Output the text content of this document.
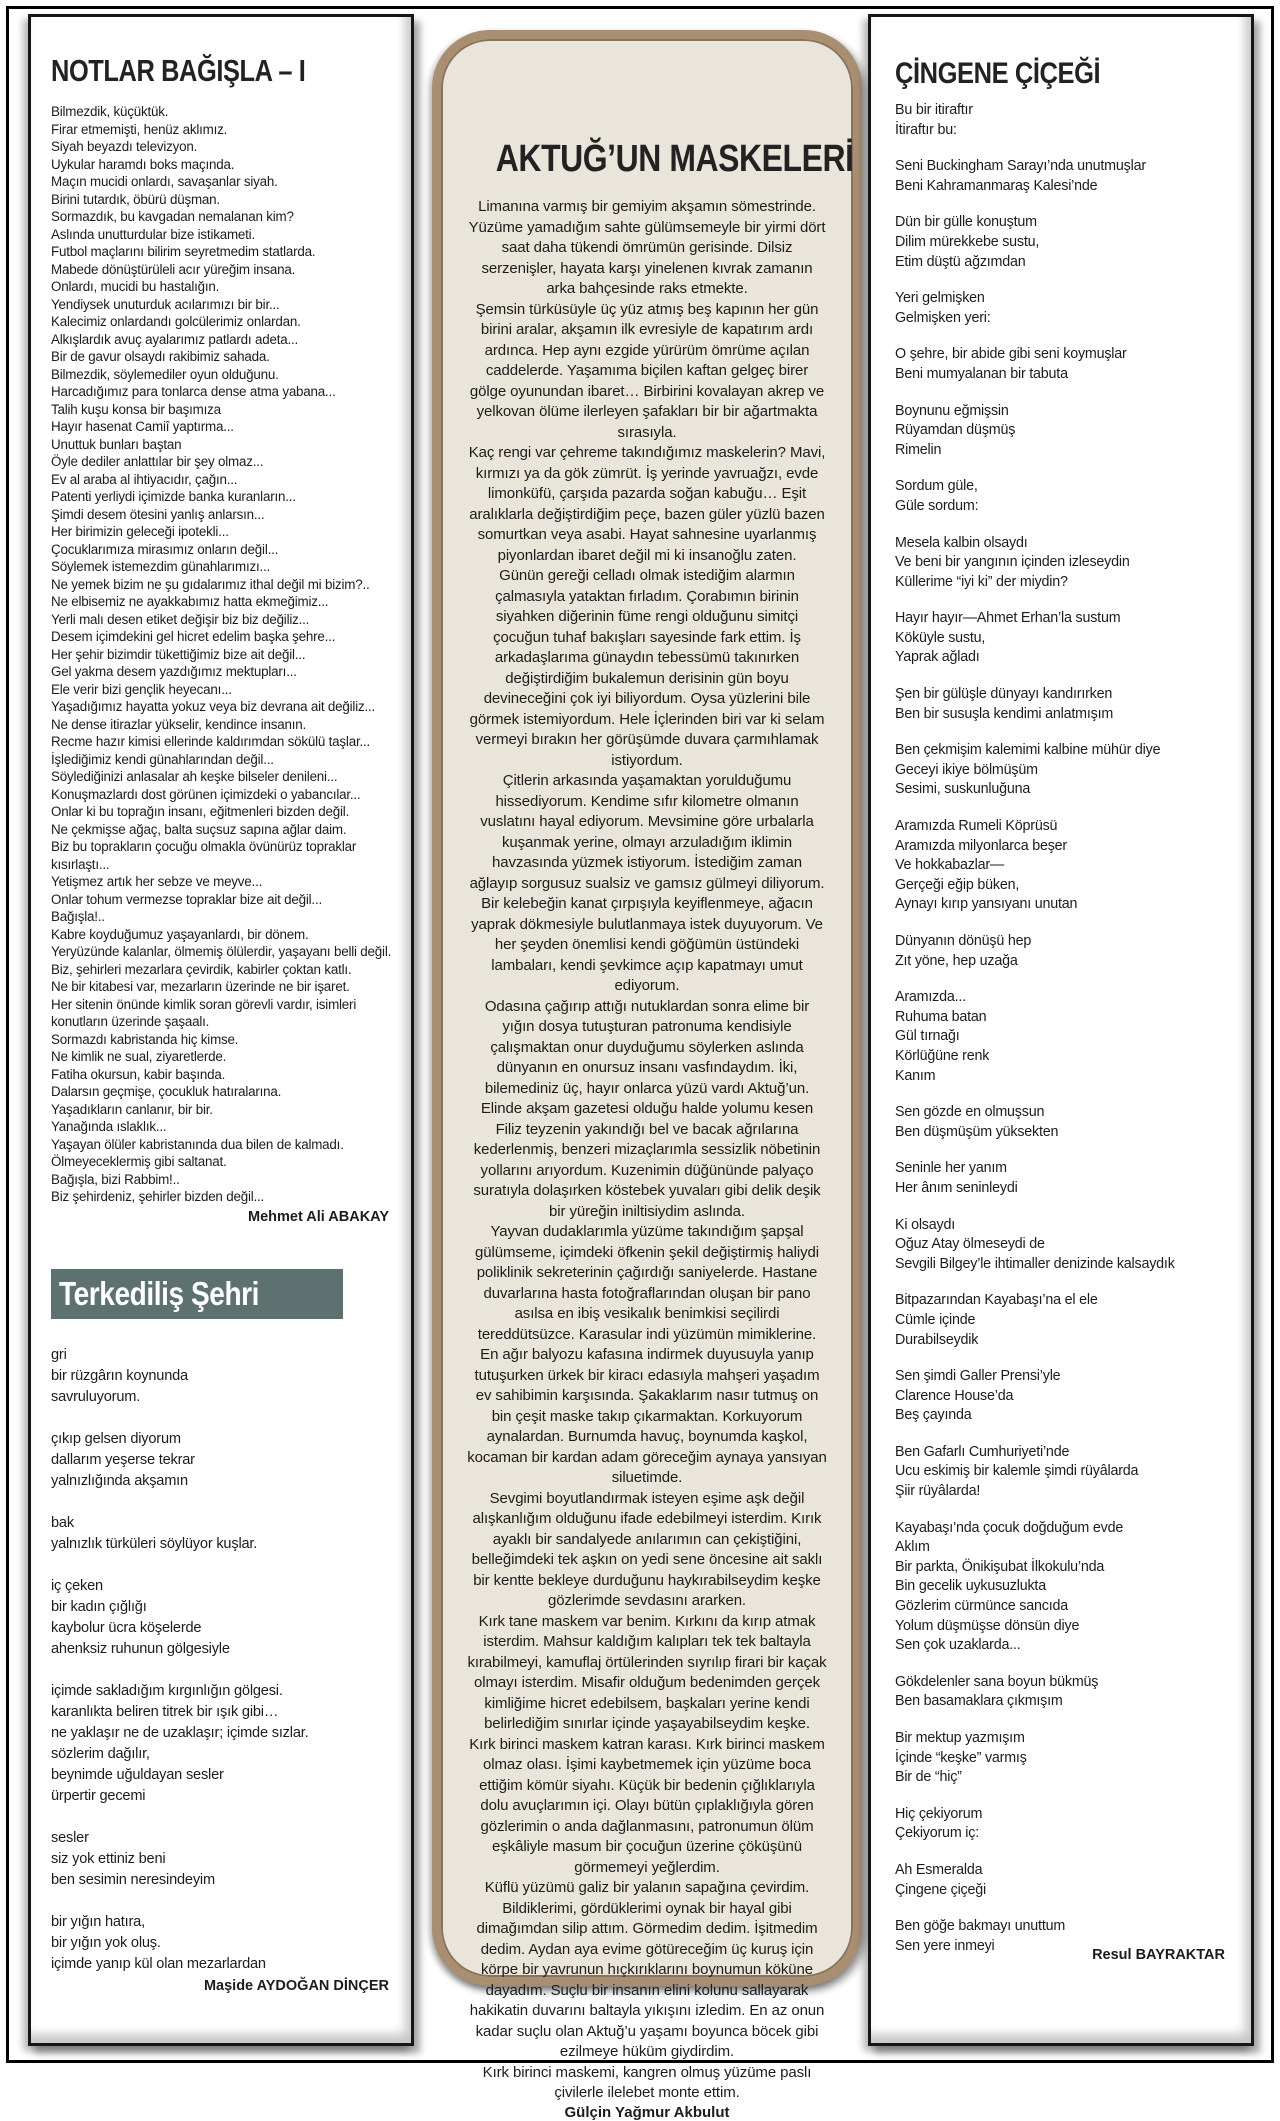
NOTLAR BAĞIŞLA – I
Bilmezdik, küçüktük.
Firar etmemişti, henüz aklımız.
Siyah beyazdı televizyon.
Uykular haramdı boks maçında.
Maçın mucidi onlardı, savaşanlar siyah.
Birini tutardık, öbürü düşman.
Sormazdık, bu kavgadan nemalanan kim?
Aslında unutturdular bize istikameti.
Futbol maçlarını bilirim seyretmedim statlarda.
Mabede dönüştürüleli acır yüreğim insana.
Onlardı, mucidi bu hastalığın.
Yendiysek unuturduk acılarımızı bir bir...
Kalecimiz onlardandı golcülerimiz onlardan.
Alkışlardık avuç ayalarımız patlardı adeta...
Bir de gavur olsaydı rakibimiz sahada.
Bilmezdik, söylemediler oyun olduğunu.
Harcadığımız para tonlarca dense atma yabana...
Talih kuşu konsa bir başımıza
Hayır hasenat Camiî yaptırma...
Unuttuk bunları baştan
Öyle dediler anlattılar bir şey olmaz...
Ev al araba al ihtiyacıdır, çağın...
Patenti yerliydi içimizde banka kuranların...
Şimdi desem ötesini yanlış anlarsın...
Her birimizin geleceği ipotekli...
Çocuklarımıza mirasımız onların değil...
Söylemek istemezdim günahlarımızı...
Ne yemek bizim ne şu gıdalarımız ithal değil mi bizim?..
Ne elbisemiz ne ayakkabımız hatta ekmeğimiz...
Yerli malı desen etiket değişir biz biz değiliz...
Desem içimdekini gel hicret edelim başka şehre...
Her şehir bizimdir tükettiğimiz bize ait değil...
Gel yakma desem yazdığımız mektupları...
Ele verir bizi gençlik heyecanı...
Yaşadığımız hayatta yokuz veya biz devrana ait değiliz...
Ne dense itirazlar yükselir, kendince insanın.
Recme hazır kimisi ellerinde kaldırımdan sökülü taşlar...
İşlediğimiz kendi günahlarından değil...
Söylediğinizi anlasalar ah keşke bilseler denileni...
Konuşmazlardı dost görünen içimizdeki o yabancılar...
Onlar ki bu toprağın insanı, eğitmenleri bizden değil.
Ne çekmişse ağaç, balta suçsuz sapına ağlar daim.
Biz bu toprakların çocuğu olmakla övünürüz topraklar kısırlaştı...
Yetişmez artık her sebze ve meyve...
Onlar tohum vermezse topraklar bize ait değil...
Bağışla!..
Kabre koyduğumuz yaşayanlardı, bir dönem.
Yeryüzünde kalanlar, ölmemiş ölülerdir, yaşayanı belli değil.
Biz, şehirleri mezarlara çevirdik, kabirler çoktan katlı.
Ne bir kitabesi var, mezarların üzerinde ne bir işaret.
Her sitenin önünde kimlik soran görevli vardır, isimleri konutların üzerinde şaşaalı.
Sormazdı kabristanda hiç kimse.
Ne kimlik ne sual, ziyaretlerde.
Fatiha okursun, kabir başında.
Dalarsın geçmişe, çocukluk hatıralarına.
Yaşadıkların canlanır, bir bir.
Yanağında ıslaklık...
Yaşayan ölüler kabristanında dua bilen de kalmadı.
Ölmeyeceklermiş gibi saltanat.
Bağışla, bizi Rabbim!..
Biz şehirdeniz, şehirler bizden değil...
Mehmet Ali ABAKAY
Terkediliş Şehri
gri
bir rüzgârın koynunda
savruluyorum.
çıkıp gelsen diyorum
dallarım yeşerse tekrar
yalnızlığında akşamın
bak
yalnızlık türküleri söylüyor kuşlar.
iç çeken
bir kadın çığlığı
kaybolur ücra köşelerde
ahenksiz ruhunun gölgesiyle
içimde sakladığım kırgınlığın gölgesi.
karanlıkta beliren titrek bir ışık gibi…
ne yaklaşır ne de uzaklaşır; içimde sızlar.
sözlerim dağılır,
beynimde uğuldayan sesler
ürpertir gecemi
sesler
siz yok ettiniz beni
ben sesimin neresindeyim
bir yığın hatıra,
bir yığın yok oluş.
içimde yanıp kül olan mezarlardan
Maşide AYDOĞAN DİNÇER
AKTUĞ’UN MASKELERİ

Limanına varmış bir gemiyim akşamın sömestrinde. Yüzüme yamadığım sahte gülümsemeyle bir yirmi dört saat daha tükendi ömrümün gerisinde. Dilsiz serzenişler, hayata karşı yinelenen kıvrak zamanın arka bahçesinde raks etmekte.

Şemsin türküsüyle üç yüz atmış beş kapının her gün birini aralar, akşamın ilk evresiyle de kapatırım ardı ardınca. Hep aynı ezgide yürürüm ömrüme açılan caddelerde. Yaşamıma biçilen kaftan gelgeç birer gölge oyunundan ibaret… Birbirini kovalayan akrep ve yelkovan ölüme ilerleyen şafakları bir bir ağartmakta sırasıyla.

Kaç rengi var çehreme takındığımız maskelerin? Mavi, kırmızı ya da gök zümrüt. İş yerinde yavruağzı, evde limonküfü, çarşıda pazarda soğan kabuğu… Eşit aralıklarla değiştirdiğim peçe, bazen güler yüzlü bazen somurtkan veya asabi. Hayat sahnesine uyarlanmış piyonlardan ibaret değil mi ki insanoğlu zaten.

Günün gereği celladı olmak istediğim alarmın çalmasıyla yataktan fırladım. Çorabımın birinin siyahken diğerinin füme rengi olduğunu simitçi çocuğun tuhaf bakışları sayesinde fark ettim. İş arkadaşlarıma günaydın tebessümü takınırken değiştirdiğim bukalemun derisinin gün boyu devineceğini çok iyi biliyordum. Oysa yüzlerini bile görmek istemiyordum. Hele İçlerinden biri var ki selam vermeyi bırakın her görüşümde duvara çarmıhlamak istiyordum.

Çitlerin arkasında yaşamaktan yorulduğumu hissediyorum. Kendime sıfır kilometre olmanın vuslatını hayal ediyorum. Mevsimine göre urbalarla kuşanmak yerine, olmayı arzuladığım iklimin havzasında yüzmek istiyorum. İstediğim zaman ağlayıp sorgusuz sualsiz ve gamsız gülmeyi diliyorum. Bir kelebeğin kanat çırpışıyla keyiflenmeye, ağacın yaprak dökmesiyle bulutlanmaya istek duyuyorum. Ve her şeyden önemlisi kendi göğümün üstündeki lambaları, kendi şevkimce açıp kapatmayı umut ediyorum.

Odasına çağırıp attığı nutuklardan sonra elime bir yığın dosya tutuşturan patronuma kendisiyle çalışmaktan onur duyduğumu söylerken aslında dünyanın en onursuz insanı vasfındaydım. İki, bilemediniz üç, hayır onlarca yüzü vardı Aktuğ’un.

Elinde akşam gazetesi olduğu halde yolumu kesen Filiz teyzenin yakındığı bel ve bacak ağrılarına kederlenmiş, benzeri mizaçlarımla sessizlik nöbetinin yollarını arıyordum. Kuzenimin düğününde palyaço suratıyla dolaşırken köstebek yuvaları gibi delik deşik bir yüreğin iniltisiydim aslında.

Yayvan dudaklarımla yüzüme takındığım şapşal gülümseme, içimdeki öfkenin şekil değiştirmiş haliydi poliklinik sekreterinin çağırdığı saniyelerde. Hastane duvarlarına hasta fotoğraflarından oluşan bir pano asılsa en ibiş vesikalık benimkisi seçilirdi tereddütsüzce. Karasular indi yüzümün mimiklerine.

En ağır balyozu kafasına indirmek duyusuyla yanıp tutuşurken ürkek bir kiracı edasıyla mahşeri yaşadım ev sahibimin karşısında. Şakaklarım nasır tutmuş on bin çeşit maske takıp çıkarmaktan. Korkuyorum aynalardan. Burnumda havuç, boynumda kaşkol, kocaman bir kardan adam göreceğim aynaya yansıyan siluetimde.

Sevgimi boyutlandırmak isteyen eşime aşk değil alışkanlığım olduğunu ifade edebilmeyi isterdim. Kırık ayaklı bir sandalyede anılarımın can çekiştiğini, belleğimdeki tek aşkın on yedi sene öncesine ait saklı bir kentte bekleye durduğunu haykırabilseydim keşke gözlerimde sevdasını ararken.

Kırk tane maskem var benim. Kırkını da kırıp atmak isterdim. Mahsur kaldığım kalıpları tek tek baltayla kırabilmeyi, kamuflaj örtülerinden sıyrılıp firari bir kaçak olmayı isterdim. Misafir olduğum bedenimden gerçek kimliğime hicret edebilsem, başkaları yerine kendi belirlediğim sınırlar içinde yaşayabilseydim keşke.

Kırk birinci maskem katran karası. Kırk birinci maskem olmaz olası. İşimi kaybetmemek için yüzüme boca ettiğim kömür siyahı. Küçük bir bedenin çığlıklarıyla dolu avuçlarımın içi. Olayı bütün çıplaklığıyla gören gözlerimin o anda dağlanmasını, patronumun ölüm eşkâliyle masum bir çocuğun üzerine çöküşünü görmemeyi yeğlerdim.

Küflü yüzümü galiz bir yalanın sapağına çevirdim. Bildiklerimi, gördüklerimi oynak bir hayal gibi dimağımdan silip attım. Görmedim dedim. İşitmedim dedim. Aydan aya evime götüreceğim üç kuruş için körpe bir yavrunun hıçkırıklarını boynumun köküne dayadım. Suçlu bir insanın elini kolunu sallayarak hakikatin duvarını baltayla yıkışını izledim. En az onun kadar suçlu olan Aktuğ’u yaşamı boyunca böcek gibi ezilmeye hüküm giydirdim.

Kırk birinci maskemi, kangren olmuş yüzüme paslı çivilerle ilelebet monte ettim.

Gülçin Yağmur Akbulut
ÇİNGENE ÇİÇEĞİ
Bu bir itiraftır
İtiraftır bu:
Seni Buckingham Sarayı’nda unutmuşlar
Beni Kahramanmaraş Kalesi’nde
Dün bir gülle konuştum
Dilim mürekkebe sustu,
Etim düştü ağzımdan
Yeri gelmişken
Gelmişken yeri:
O şehre, bir abide gibi seni koymuşlar
Beni mumyalanan bir tabuta
Boynunu eğmişsin
Rüyamdan düşmüş
Rimelin
Sordum güle,
Güle sordum:
Mesela kalbin olsaydı
Ve beni bir yangının içinden izleseydin
Küllerime “iyi ki” der miydin?
Hayır hayır—Ahmet Erhan’la sustum
Köküyle sustu,
Yaprak ağladı
Şen bir gülüşle dünyayı kandırırken
Ben bir susuşla kendimi anlatmışım
Ben çekmişim kalemimi kalbine mühür diye
Geceyi ikiye bölmüşüm
Sesimi, suskunluğuna
Aramızda Rumeli Köprüsü
Aramızda milyonlarca beşer
Ve hokkabazlar—
Gerçeği eğip büken,
Aynayı kırıp yansıyanı unutan
Dünyanın dönüşü hep
Zıt yöne, hep uzağa
Aramızda...
Ruhuma batan
Gül tırnağı
Körlüğüne renk
Kanım
Sen gözde en olmuşsun
Ben düşmüşüm yüksekten
Seninle her yanım
Her ânım seninleydi
Ki olsaydı
Oğuz Atay ölmeseydi de
Sevgili Bilgey’le ihtimaller denizinde kalsaydık
Bitpazarından Kayabaşı’na el ele
Cümle içinde
Durabilseydik
Sen şimdi Galler Prensi’yle
Clarence House’da
Beş çayında
Ben Gafarlı Cumhuriyeti’nde
Ucu eskimiş bir kalemle şimdi rüyâlarda
Şiir rüyâlarda!
Kayabaşı’nda çocuk doğduğum evde
Aklım
Bir parkta, Önikişubat İlkokulu’nda
Bin gecelik uykusuzlukta
Gözlerim cürmünce sancıda
Yolum düşmüşse dönsün diye
Sen çok uzaklarda...
Gökdelenler sana boyun bükmüş
Ben basamaklara çıkmışım
Bir mektup yazmışım
İçinde “keşke” varmış
Bir de “hiç”
Hiç çekiyorum
Çekiyorum iç:
Ah Esmeralda
Çingene çiçeği
Ben göğe bakmayı unuttum
Sen yere inmeyi
Resul BAYRAKTAR
